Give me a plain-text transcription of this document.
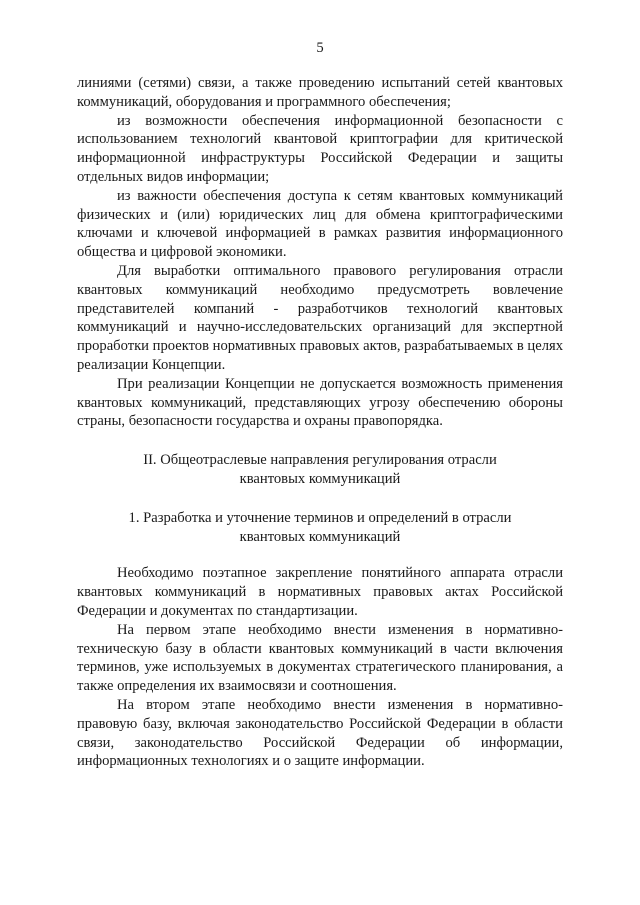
5

линиями (сетями) связи, а также проведению испытаний сетей квантовых коммуникаций, оборудования и программного обеспечения;

из возможности обеспечения информационной безопасности с использованием технологий квантовой криптографии для критической информационной инфраструктуры Российской Федерации и защиты отдельных видов информации;

из важности обеспечения доступа к сетям квантовых коммуникаций физических и (или) юридических лиц для обмена криптографическими ключами и ключевой информацией в рамках развития информационного общества и цифровой экономики.

Для выработки оптимального правового регулирования отрасли квантовых коммуникаций необходимо предусмотреть вовлечение представителей компаний - разработчиков технологий квантовых коммуникаций и научно-исследовательских организаций для экспертной проработки проектов нормативных правовых актов, разрабатываемых в целях реализации Концепции.

При реализации Концепции не допускается возможность применения квантовых коммуникаций, представляющих угрозу обеспечению обороны страны, безопасности государства и охраны правопорядка.

II. Общеотраслевые направления регулирования отрасли
квантовых коммуникаций
1. Разработка и уточнение терминов и определений в отрасли
квантовых коммуникаций

Необходимо поэтапное закрепление понятийного аппарата отрасли квантовых коммуникаций в нормативных правовых актах Российской Федерации и документах по стандартизации.

На первом этапе необходимо внести изменения в нормативно-техническую базу в области квантовых коммуникаций в части включения терминов, уже используемых в документах стратегического планирования, а также определения их взаимосвязи и соотношения.

На втором этапе необходимо внести изменения в нормативно-правовую базу, включая законодательство Российской Федерации в области связи, законодательство Российской Федерации об информации, информационных технологиях и о защите информации.
